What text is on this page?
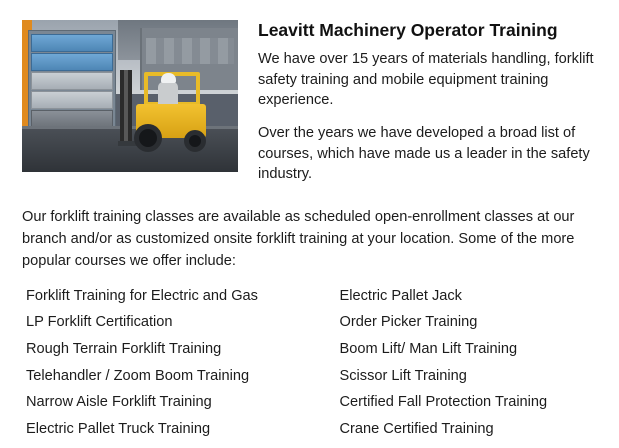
Leavitt Machinery Operator Training

We have over 15 years of materials handling, forklift safety training and mobile equipment training experience.

Over the years we have developed a broad list of courses, which have made us a leader in the safety industry.

Our forklift training classes are available as scheduled open-enrollment classes at our branch and/or as customized onsite forklift training at your location. Some of the more popular courses we offer include:
Forklift Training for Electric and Gas
LP Forklift Certification
Rough Terrain Forklift Training
Telehandler / Zoom Boom Training
Narrow Aisle Forklift Training
Electric Pallet Truck Training
Electric Pallet Jack
Order Picker Training
Boom Lift/ Man Lift Training
Scissor Lift Training
Certified Fall Protection Training
Crane Certified Training
